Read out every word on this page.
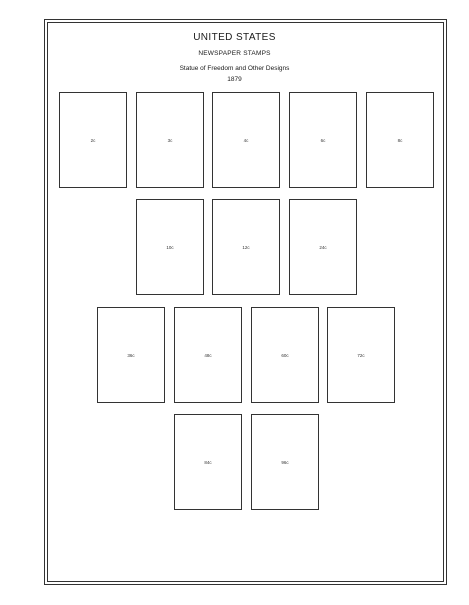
UNITED STATES
NEWSPAPER STAMPS
Statue of Freedom and Other Designs
1879
2c	3c	4c	6c	8c
10c	12c	24c
36c	48c	60c	72c
84c	96c
